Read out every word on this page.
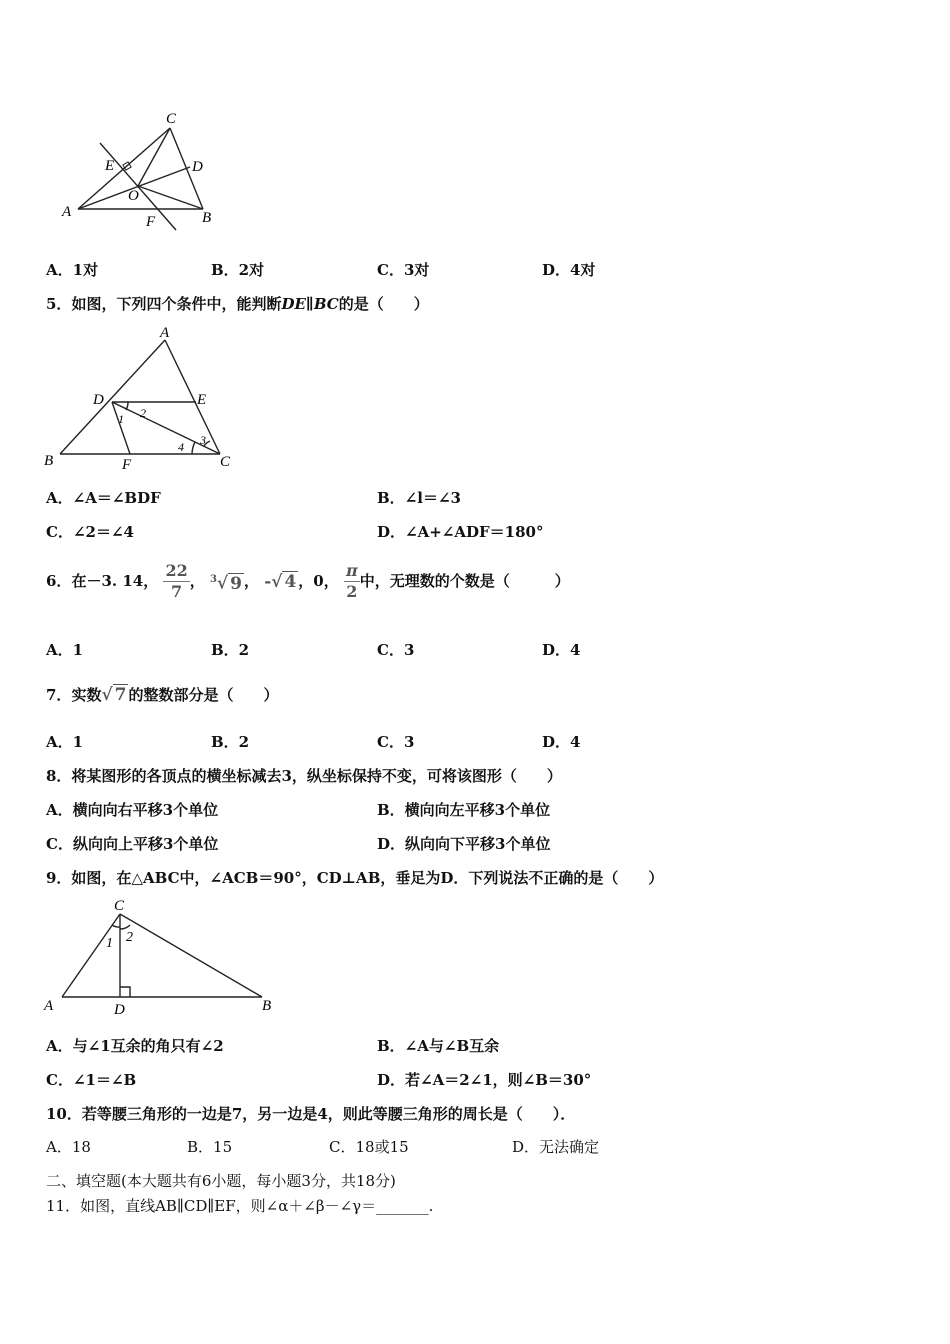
C
E	D
O
A
F	B
A．1对	B．2对	C．3对	D．4对
5．如图，下列四个条件中，能判断DE∥BC的是（　　）
A
D	E
B	F	C
1 2
3
4
A．∠A＝∠BDF	B．∠l＝∠3
C．∠2＝∠4	D．∠A+∠ADF＝180°
6．在－3. 14， $\frac{22}{7}$ ， $^3$√ 9 ， -√ 4 ，0， $\frac{\pi}{2}$ 中，无理数的个数是（　　　）
A．1	B．2	C．3	D．4
7．实数√ 7 的整数部分是（　　）
A．1	B．2	C．3	D．4
8．将某图形的各顶点的横坐标减去3，纵坐标保持不变，可将该图形（　　）
A．横向向右平移3个单位	B．横向向左平移3个单位
C．纵向向上平移3个单位	D．纵向向下平移3个单位
9．如图，在△ABC中，∠ACB＝90°，CD⊥AB，垂足为D．下列说法不正确的是（　　）
C
A	D	B
1 2
A．与∠1互余的角只有∠2	B．∠A与∠B互余
C．∠1＝∠B	D．若∠A＝2∠1，则∠B＝30°
10．若等腰三角形的一边是7，另一边是4，则此等腰三角形的周长是（　　）．
A．18	B．15	C．18或15	D．无法确定
二、填空题(本大题共有6小题，每小题3分，共18分)
11．如图，直线AB∥CD∥EF，则∠α＋∠β－∠γ＝_______.
